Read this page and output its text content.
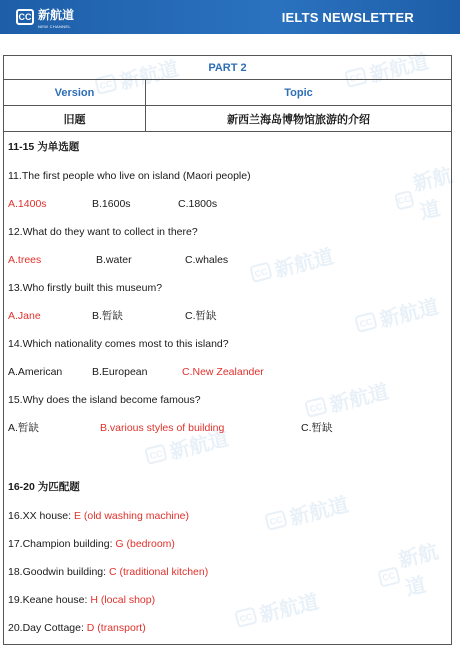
CC 新航道
NEW CHANNEL
IELTS NEWSLETTER
CC 新航道	CC 新航道
CC
新航道
CC 新航道
CC 新航道
CC 新航道
CC 新航道
CC 新航道
CC
新航道
CC 新航道
PART 2
Version	Topic
旧题	新西兰海岛博物馆旅游的介绍
11-15 为单选题
11.The first people who live on island (Maori people)
A.1400s	B.1600s	C.1800s
12.What do they want to collect in there?
A.trees	B.water	C.whales
13.Who firstly built this museum?
A.Jane	B.暂缺	C.暂缺
14.Which nationality comes most to this island?
A.American	B.European	C.New Zealander
15.Why does the island become famous?
A.暂缺	B.various styles of building	C.暂缺
16-20 为匹配题
16.XX house: E (old washing machine)
17.Champion building: G (bedroom)
18.Goodwin building: C (traditional kitchen)
19.Keane house: H (local shop)
20.Day Cottage: D (transport)
